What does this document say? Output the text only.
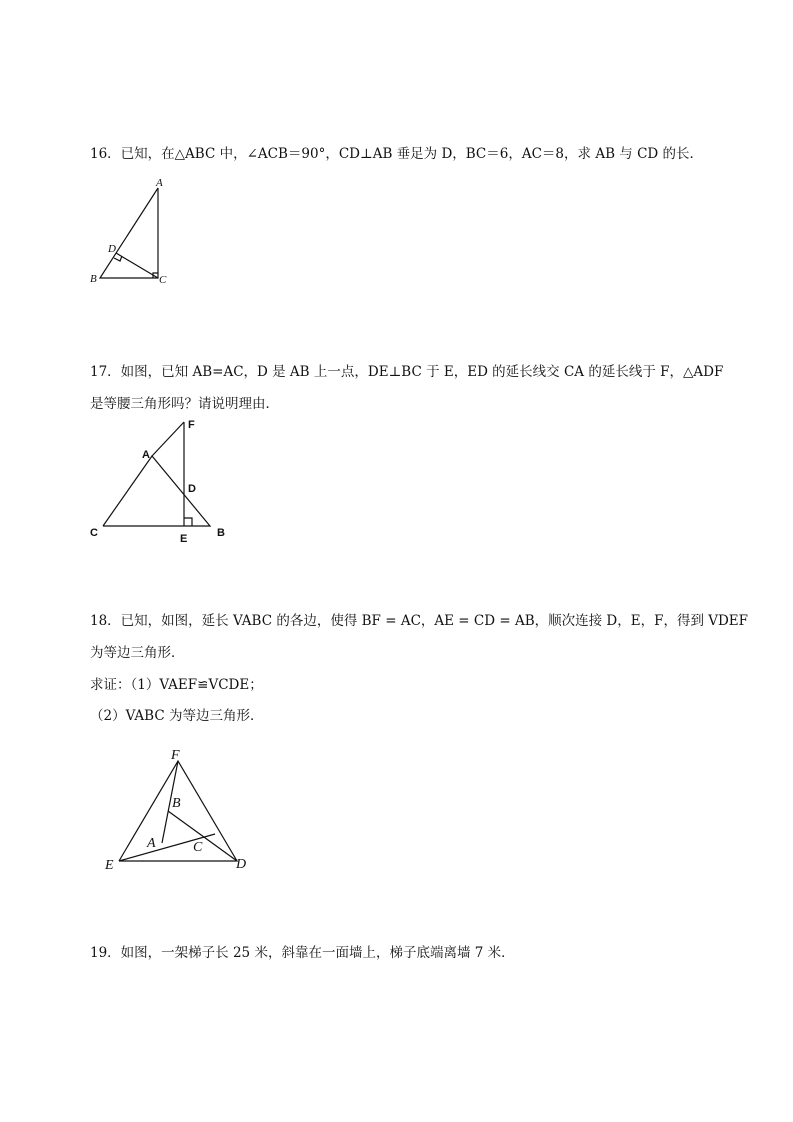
16．已知，在△ABC 中，∠ACB＝90°，CD⊥AB 垂足为 D，BC＝6，AC＝8，求 AB 与 CD 的长．
A
B	C
D
17．如图，已知 AB=AC，D 是 AB 上一点，DE⊥BC 于 E，ED 的延长线交 CA 的延长线于 F，△ADF
是等腰三角形吗？请说明理由．
F
A
D
C	E	B
18．已知，如图，延长 VABC 的各边，使得 BF = AC，AE = CD = AB，顺次连接 D，E，F，得到 VDEF
为等边三角形．
求证：（1）VAEF≌VCDE；
（2）VABC 为等边三角形．
F
B
A	C
E	D
19．如图，一架梯子长 25 米，斜靠在一面墙上，梯子底端离墙 7 米．
